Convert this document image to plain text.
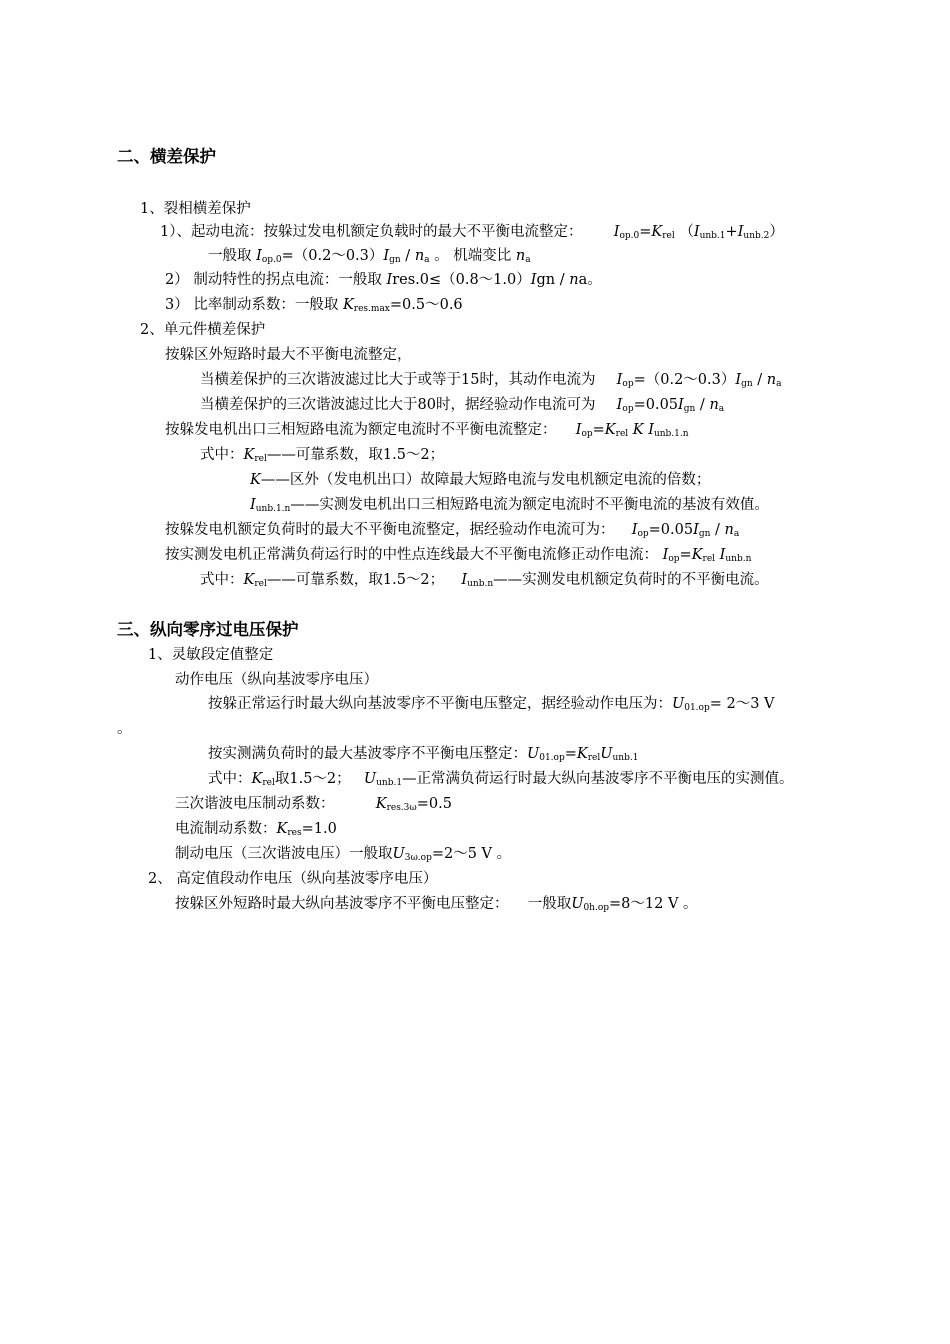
二、横差保护
1、裂相横差保护
1）、起动电流：按躲过发电机额定负载时的最大不平衡电流整定： Iop.0=Krel （Iunb.1+Iunb.2）
一般取 Iop.0=（0.2～0.3）Ign / na 。 机端变比 na
2） 制动特性的拐点电流：一般取 Ires.0≤（0.8～1.0）Ign / na。
3） 比率制动系数：一般取 Kres.max=0.5～0.6
2、单元件横差保护
按躲区外短路时最大不平衡电流整定，
当横差保护的三次谐波滤过比大于或等于15时，其动作电流为 Iop=（0.2～0.3）Ign / na
当横差保护的三次谐波滤过比大于80时，据经验动作电流可为 Iop=0.05Ign / na
按躲发电机出口三相短路电流为额定电流时不平衡电流整定： Iop=Krel K Iunb.1.n
式中：Krel——可靠系数，取1.5～2；
K——区外（发电机出口）故障最大短路电流与发电机额定电流的倍数；
Iunb.1.n——实测发电机出口三相短路电流为额定电流时不平衡电流的基波有效值。
按躲发电机额定负荷时的最大不平衡电流整定，据经验动作电流可为： Iop=0.05Ign / na
按实测发电机正常满负荷运行时的中性点连线最大不平衡电流修正动作电流： Iop=Krel Iunb.n
式中：Krel——可靠系数，取1.5～2； Iunb.n——实测发电机额定负荷时的不平衡电流。
三、纵向零序过电压保护
1、灵敏段定值整定
动作电压（纵向基波零序电压）
按躲正常运行时最大纵向基波零序不平衡电压整定，据经验动作电压为：U01.op= 2～3 V
。
按实测满负荷时的最大基波零序不平衡电压整定：U01.op=KrelUunb.1
式中：Krel取1.5～2； Uunb.1—正常满负荷运行时最大纵向基波零序不平衡电压的实测值。
三次谐波电压制动系数：	Kres.3ω=0.5
电流制动系数：Kres=1.0
制动电压（三次谐波电压）一般取U3ω.op=2～5 V 。
2、 高定值段动作电压（纵向基波零序电压）
按躲区外短路时最大纵向基波零序不平衡电压整定： 一般取U0h.op=8～12 V 。
